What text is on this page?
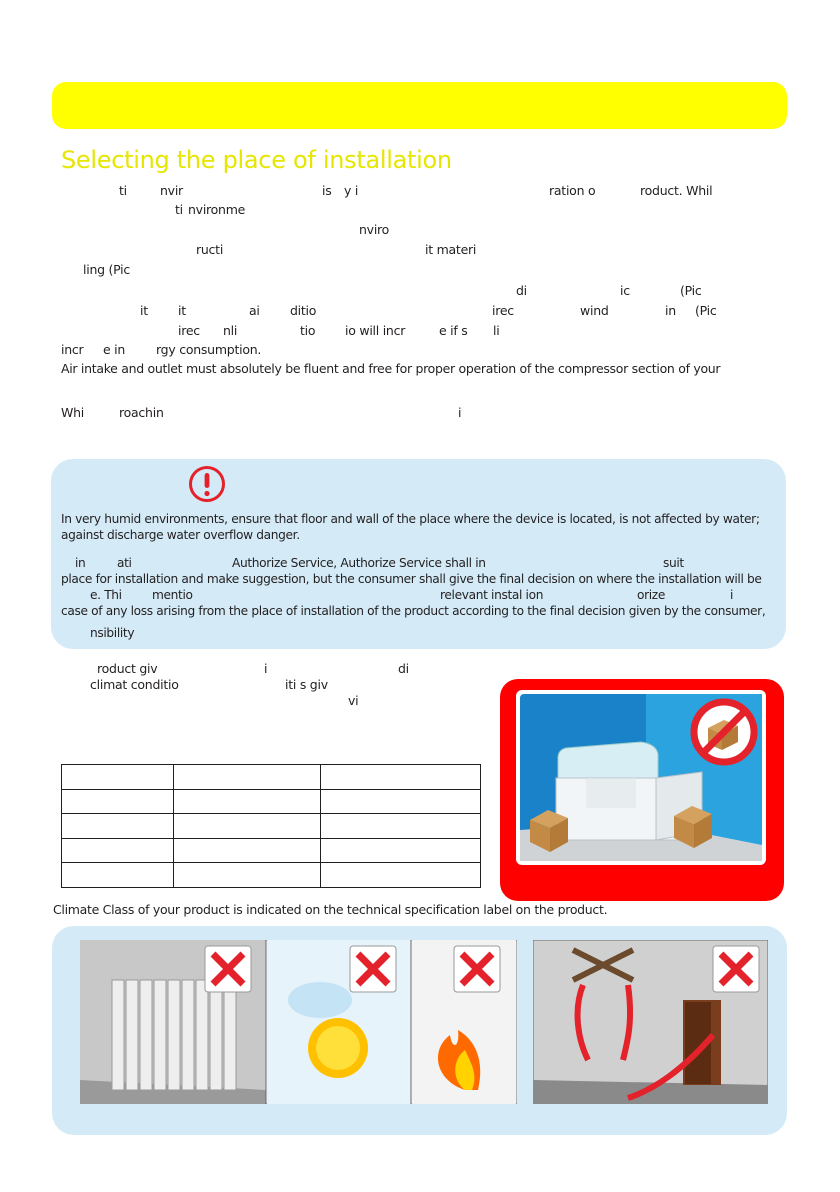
Selecting the place of installation
ti	nvir	is y i	ration o	roduct. Whil
ti nvironme
nviro
ructi	it materi
ling (Pic
di	ic	(Pic
it it	ai ditio	irec	wind	in (Pic
irec nli	tio io will incr	e if s li
incr e in rgy consumption.
Whi	roachin	i
Air intake and outlet must absolutely be fluent and free for proper operation of the compressor section of your
In very humid environments, ensure that floor and wall of the place where the device is located, is not affected by water;
against discharge water overflow danger.
in	ati	Authorize Service, Authorize Service shall in	suit
e. Thi mentio	relevant instal ion	orize	i
place for installation and make suggestion, but the consumer shall give the final decision on where the installation will be
case of any loss arising from the place of installation of the product according to the final decision given by the consumer,
nsibility
roduct giv	i	di
climat conditio	iti s giv
vi

Climate Class of your product is indicated on the technical specification label on the product.
